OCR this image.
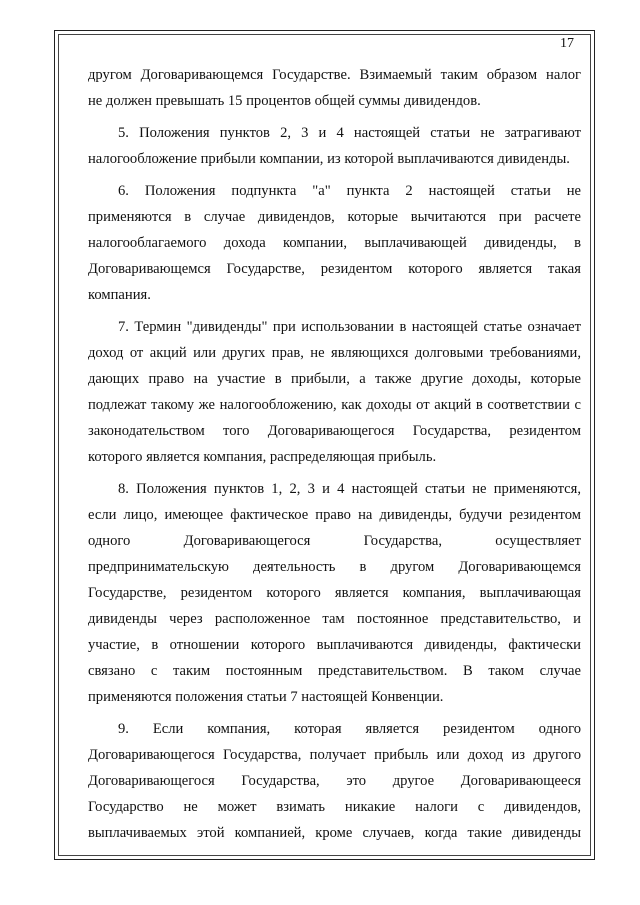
17
другом Договаривающемся Государстве. Взимаемый таким образом налог
не должен превышать 15 процентов общей суммы дивидендов.
5. Положения пунктов 2, 3 и 4 настоящей статьи не затрагивают
налогообложение прибыли компании, из которой выплачиваются дивиденды.
6. Положения подпункта "а" пункта 2 настоящей статьи не
применяются в случае дивидендов, которые вычитаются при расчете
налогооблагаемого дохода компании, выплачивающей дивиденды, в
Договаривающемся Государстве, резидентом которого является такая
компания.
7. Термин "дивиденды" при использовании в настоящей статье означает
доход от акций или других прав, не являющихся долговыми требованиями,
дающих право на участие в прибыли, а также другие доходы, которые
подлежат такому же налогообложению, как доходы от акций в соответствии с
законодательством того Договаривающегося Государства, резидентом
которого является компания, распределяющая прибыль.
8. Положения пунктов 1, 2, 3 и 4 настоящей статьи не применяются,
если лицо, имеющее фактическое право на дивиденды, будучи резидентом
одного Договаривающегося Государства, осуществляет
предпринимательскую деятельность в другом Договаривающемся
Государстве, резидентом которого является компания, выплачивающая
дивиденды через расположенное там постоянное представительство, и
участие, в отношении которого выплачиваются дивиденды, фактически
связано с таким постоянным представительством. В таком случае
применяются положения статьи 7 настоящей Конвенции.
9. Если компания, которая является резидентом одного
Договаривающегося Государства, получает прибыль или доход из другого
Договаривающегося Государства, это другое Договаривающееся
Государство не может взимать никакие налоги с дивидендов,
выплачиваемых этой компанией, кроме случаев, когда такие дивиденды
